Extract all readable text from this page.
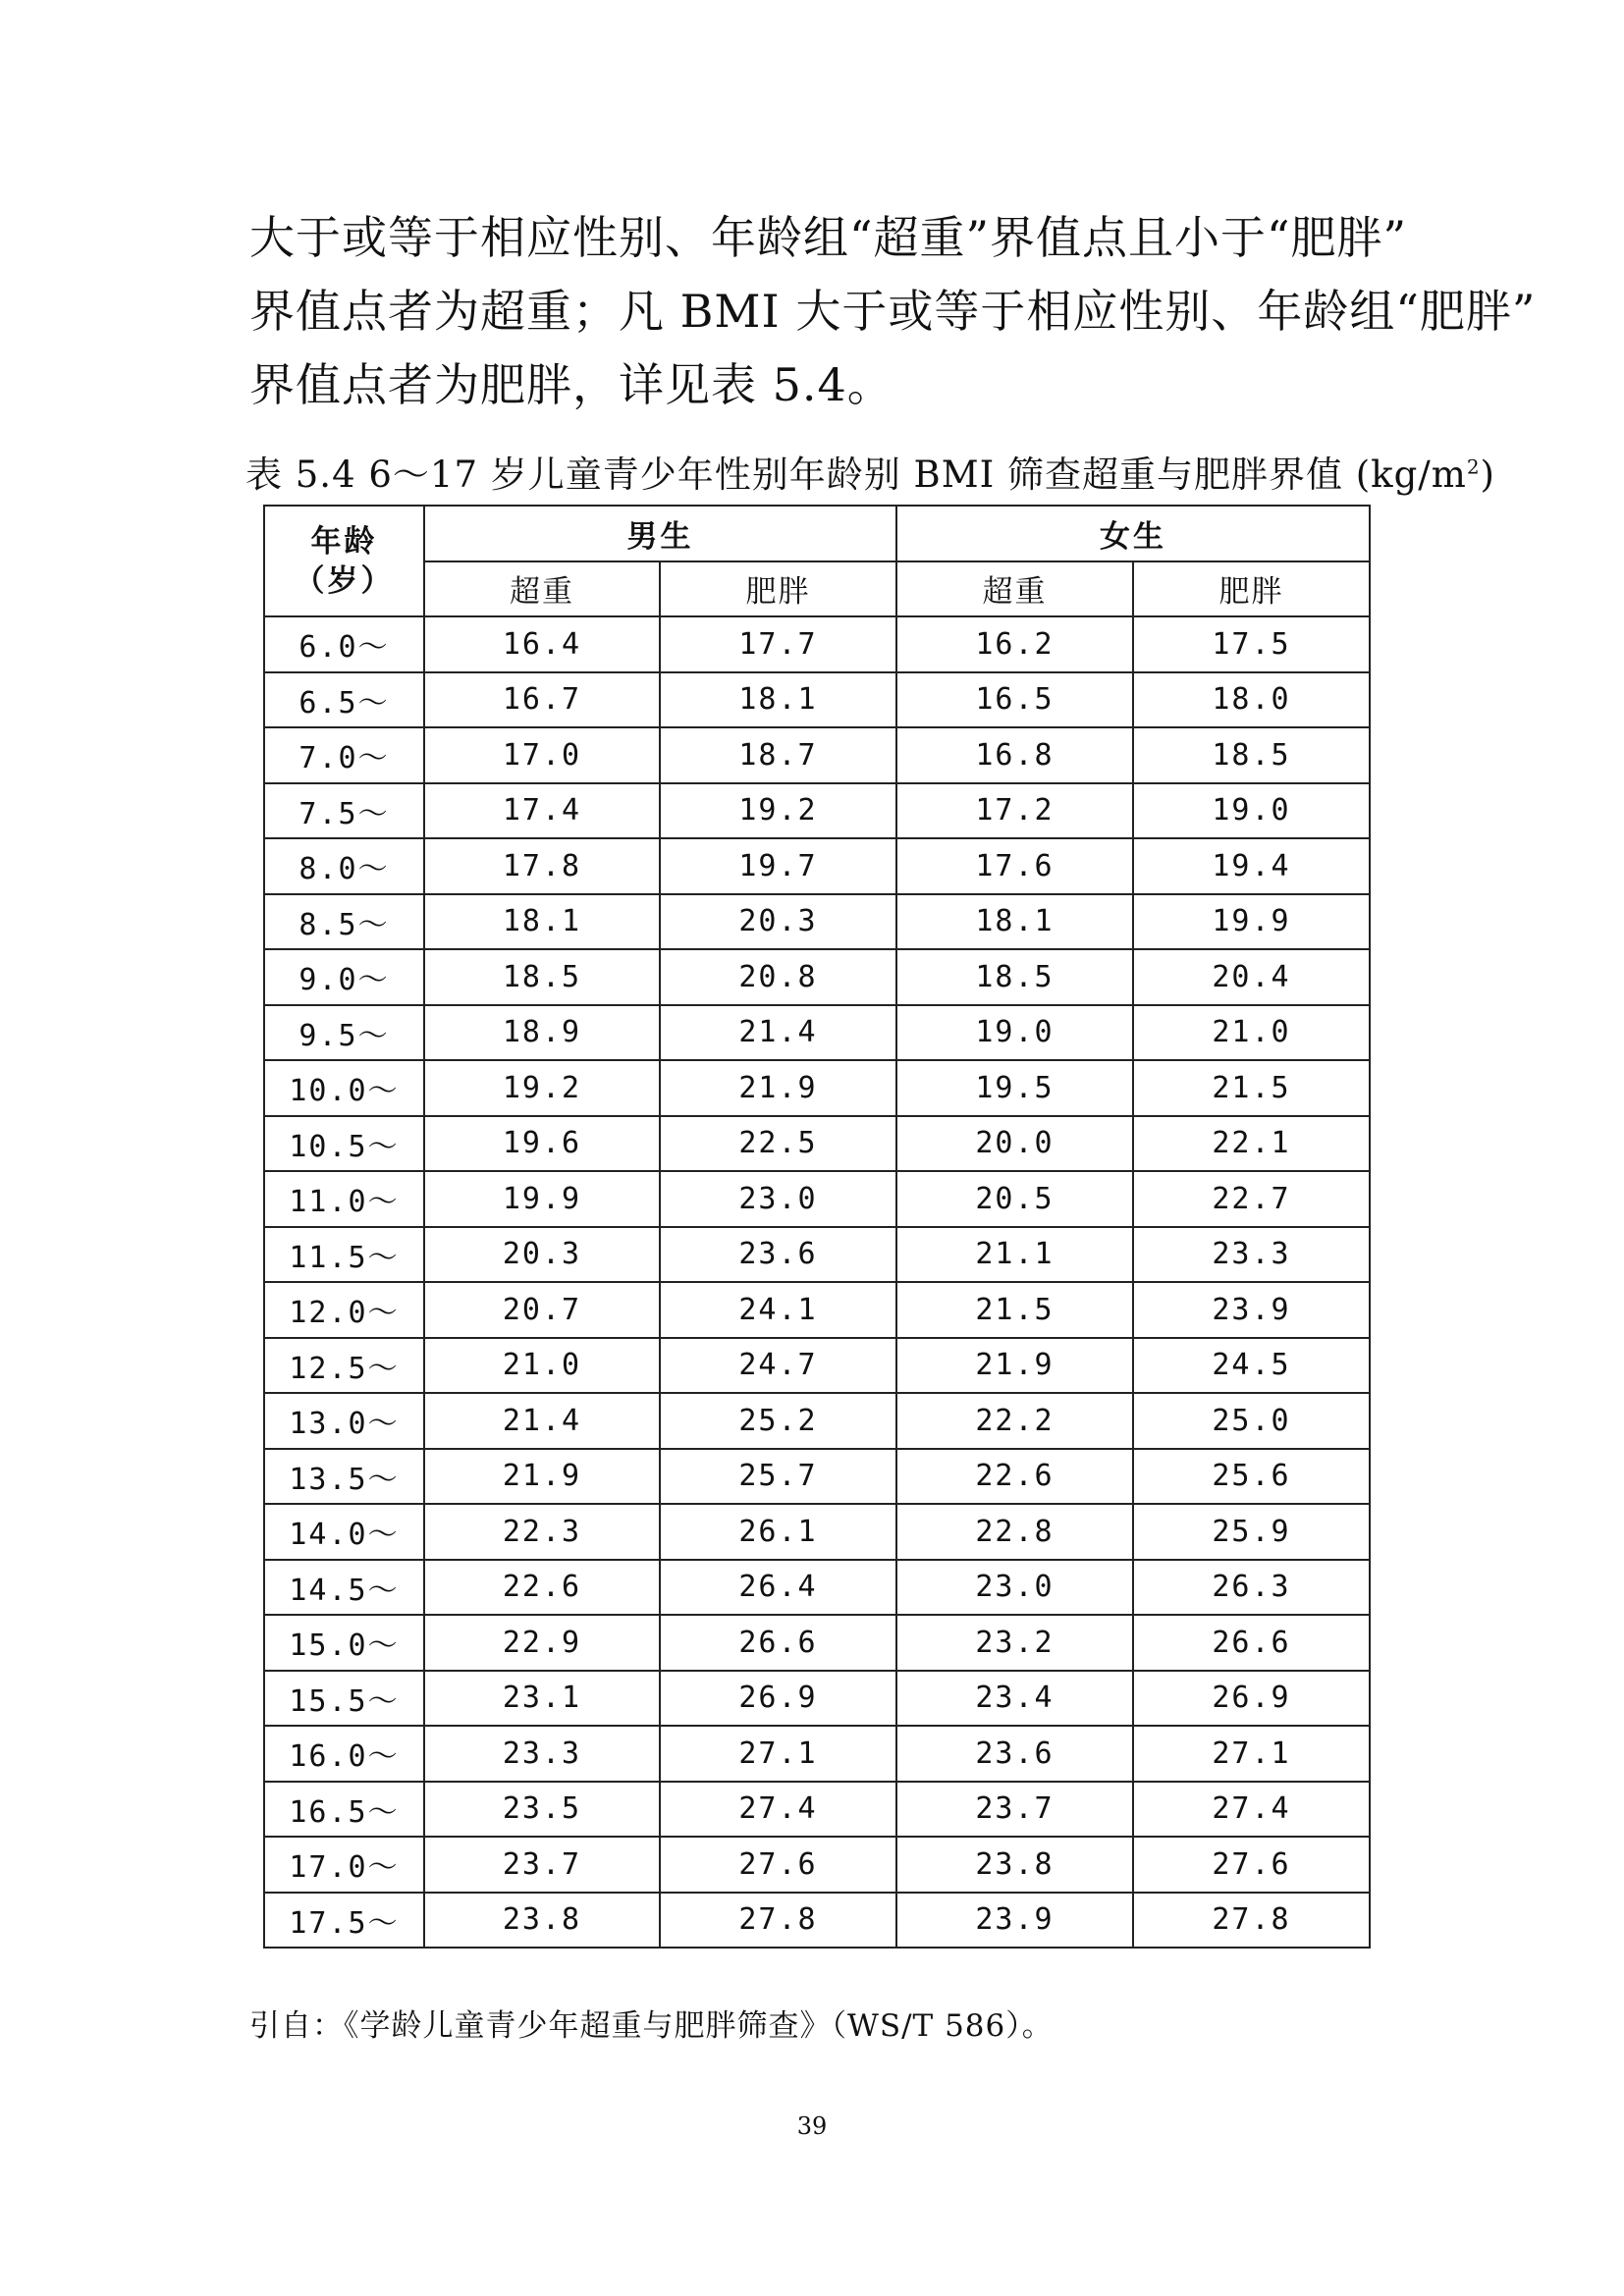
大于或等于相应性别、年龄组“超重”界值点且小于“肥胖”
界值点者为超重；凡 BMI 大于或等于相应性别、年龄组“肥胖”
界值点者为肥胖，详见表 5.4。
表 5.4 6～17 岁儿童青少年性别年龄别 BMI 筛查超重与肥胖界值 $(kg/m^2)$
年龄
（岁）	男生		女生	
	超重	肥胖	超重	肥胖
6.0～	16.4	17.7	16.2	17.5
6.5～	16.7	18.1	16.5	18.0
7.0～	17.0	18.7	16.8	18.5
7.5～	17.4	19.2	17.2	19.0
8.0～	17.8	19.7	17.6	19.4
8.5～	18.1	20.3	18.1	19.9
9.0～	18.5	20.8	18.5	20.4
9.5～	18.9	21.4	19.0	21.0
10.0～	19.2	21.9	19.5	21.5
10.5～	19.6	22.5	20.0	22.1
11.0～	19.9	23.0	20.5	22.7
11.5～	20.3	23.6	21.1	23.3
12.0～	20.7	24.1	21.5	23.9
12.5～	21.0	24.7	21.9	24.5
13.0～	21.4	25.2	22.2	25.0
13.5～	21.9	25.7	22.6	25.6
14.0～	22.3	26.1	22.8	25.9
14.5～	22.6	26.4	23.0	26.3
15.0～	22.9	26.6	23.2	26.6
15.5～	23.1	26.9	23.4	26.9
16.0～	23.3	27.1	23.6	27.1
16.5～	23.5	27.4	23.7	27.4
17.0～	23.7	27.6	23.8	27.6
17.5～	23.8	27.8	23.9	27.8
引自：《学龄儿童青少年超重与肥胖筛查》（WS/T 586）。
39
